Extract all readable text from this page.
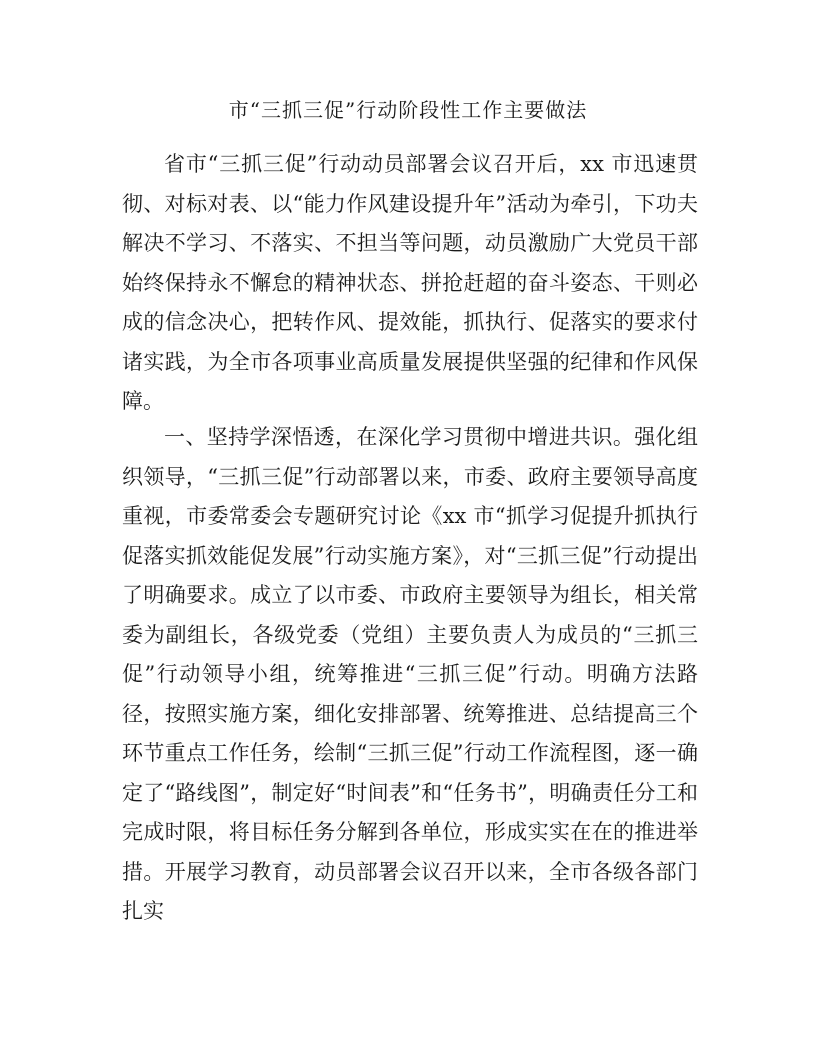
市“三抓三促”行动阶段性工作主要做法

省市“三抓三促”行动动员部署会议召开后，xx 市迅速贯彻、对标对表、以“能力作风建设提升年”活动为牵引，下功夫解决不学习、不落实、不担当等问题，动员激励广大党员干部始终保持永不懈怠的精神状态、拼抢赶超的奋斗姿态、干则必成的信念决心，把转作风、提效能，抓执行、促落实的要求付诸实践，为全市各项事业高质量发展提供坚强的纪律和作风保障。

一、坚持学深悟透，在深化学习贯彻中增进共识。强化组织领导，“三抓三促”行动部署以来，市委、政府主要领导高度重视，市委常委会专题研究讨论《xx 市“抓学习促提升抓执行促落实抓效能促发展”行动实施方案》，对“三抓三促”行动提出了明确要求。成立了以市委、市政府主要领导为组长，相关常委为副组长，各级党委（党组）主要负责人为成员的“三抓三促”行动领导小组，统筹推进“三抓三促”行动。明确方法路径，按照实施方案，细化安排部署、统筹推进、总结提高三个环节重点工作任务，绘制“三抓三促”行动工作流程图，逐一确定了“路线图”，制定好“时间表”和“任务书”，明确责任分工和完成时限，将目标任务分解到各单位，形成实实在在的推进举措。开展学习教育，动员部署会议召开以来，全市各级各部门扎实
